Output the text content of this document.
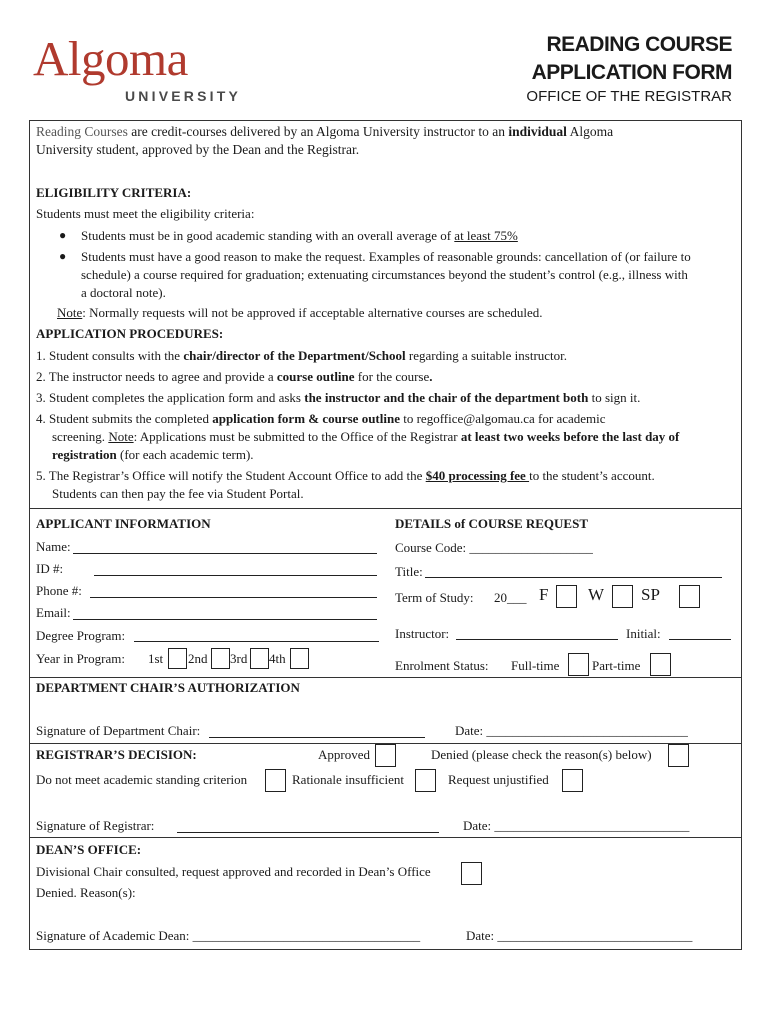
Algoma
UNIVERSITY
READING COURSE
APPLICATION FORM
OFFICE OF THE REGISTRAR
Reading Courses are credit-courses delivered by an Algoma University instructor to an individual Algoma
University student, approved by the Dean and the Registrar.
ELIGIBILITY CRITERIA:
Students must meet the eligibility criteria:
● Students must be in good academic standing with an overall average of at least 75%
● Students must have a good reason to make the request. Examples of reasonable grounds: cancellation of (or failure to
schedule) a course required for graduation; extenuating circumstances beyond the student’s control (e.g., illness with
a doctoral note).
Note: Normally requests will not be approved if acceptable alternative courses are scheduled.
APPLICATION PROCEDURES:
1. Student consults with the chair/director of the Department/School regarding a suitable instructor.
2. The instructor needs to agree and provide a course outline for the course.
3. Student completes the application form and asks the instructor and the chair of the department both to sign it.
4. Student submits the completed application form & course outline to regoffice@algomau.ca for academic
screening. Note: Applications must be submitted to the Office of the Registrar at least two weeks before the last day of
registration (for each academic term).
5. The Registrar’s Office will notify the Student Account Office to add the $40 processing fee to the student’s account.
Students can then pay the fee via Student Portal.
APPLICANT INFORMATION
Name:
ID #:
Phone #:
Email:
Degree Program:
Year in Program: 1st 2nd 3rd 4th
DETAILS of COURSE REQUEST
Course Code: ___________________
Title:
Term of Study: 20___ F W SP
Instructor:	Initial:
Enrolment Status: Full-time	Part-time
DEPARTMENT CHAIR’S AUTHORIZATION
Signature of Department Chair:	Date: _______________________________
REGISTRAR’S DECISION:	Approved	Denied (please check the reason(s) below)
Do not meet academic standing criterion	Rationale insufficient	Request unjustified
Signature of Registrar:	Date: ______________________________
DEAN’S OFFICE:
Divisional Chair consulted, request approved and recorded in Dean’s Office
Denied. Reason(s):
Signature of Academic Dean: ___________________________________	Date: ______________________________
